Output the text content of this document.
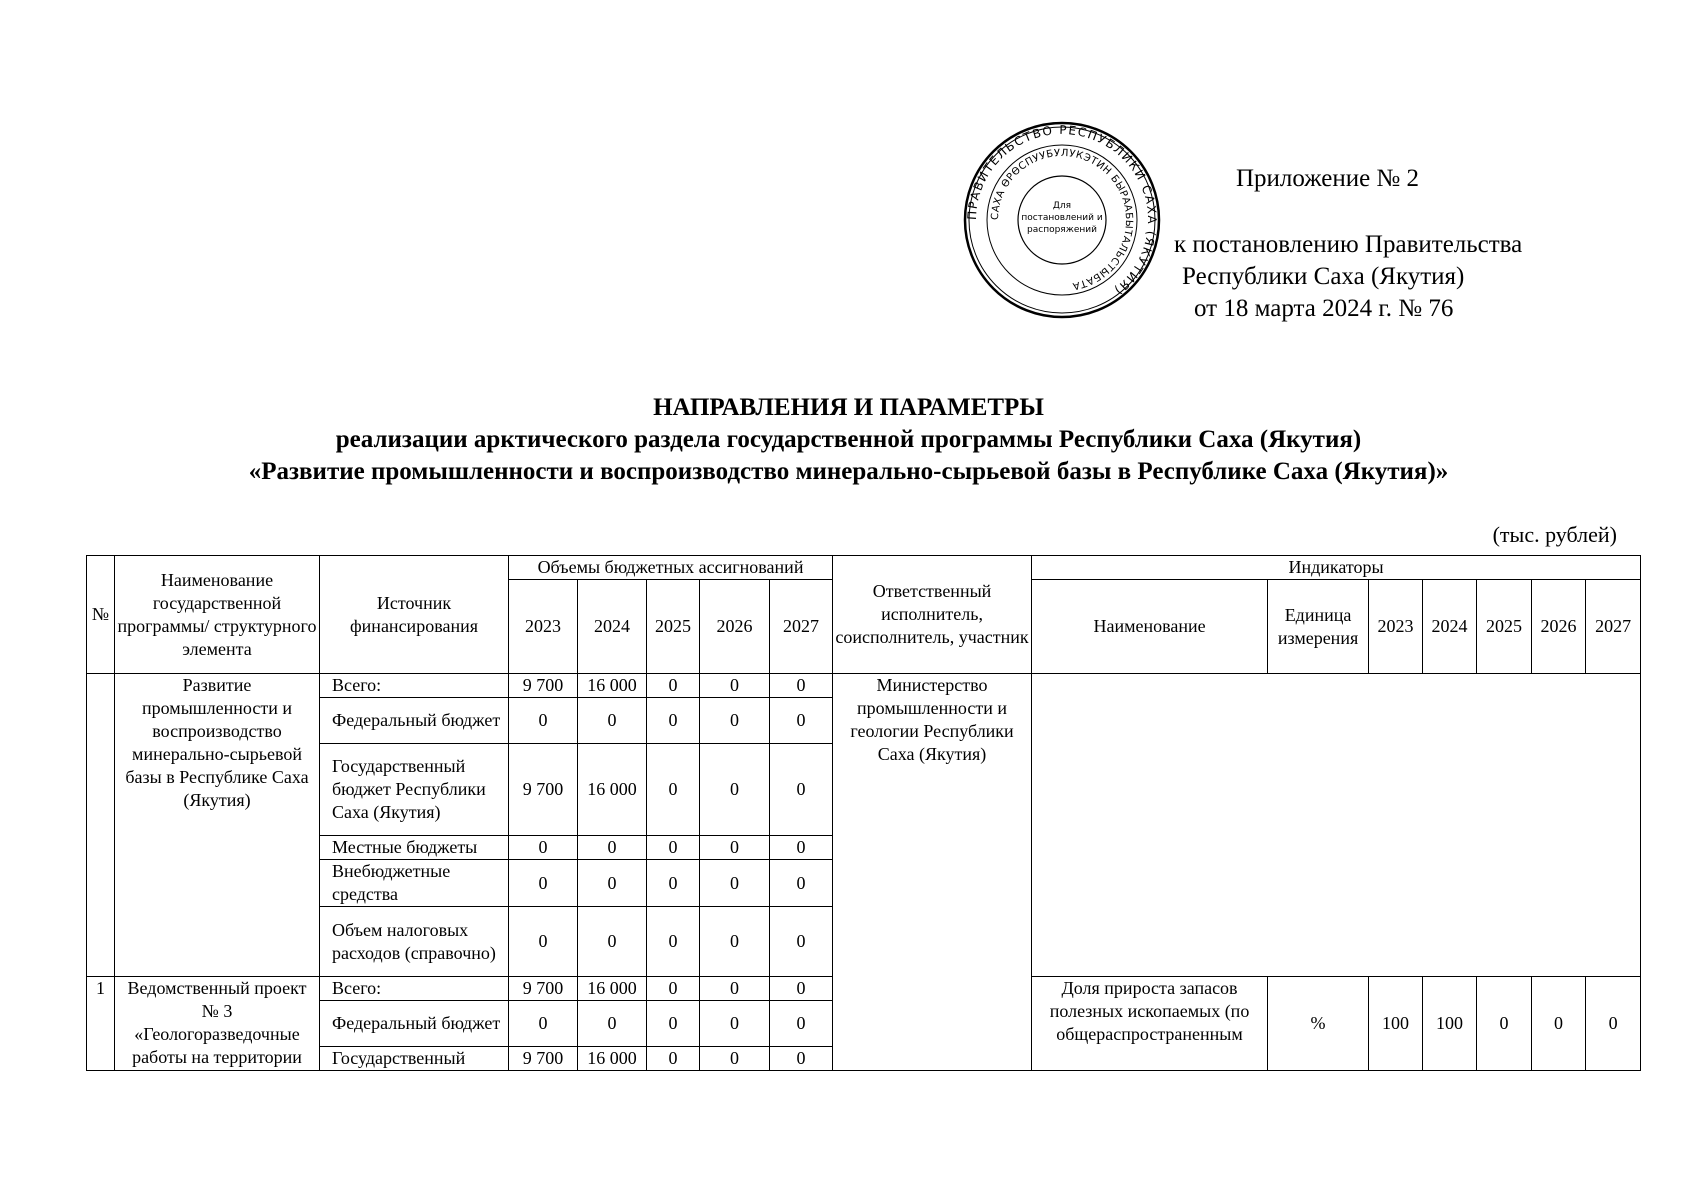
ПРАВИТЕЛЬСТВО РЕСПУБЛИКИ САХА (ЯКУТИЯ)
САХА ӨРӨСПУУБУЛУКЭТИН БЫРААБЫТАЛЬСТЫБАТА
Для
постановлений и
распоряжений
Приложение № 2
к постановлению Правительства
Республики Саха (Якутия)
от 18 марта 2024 г. № 76
НАПРАВЛЕНИЯ И ПАРАМЕТРЫ
реализации арктического раздела государственной программы Республики Саха (Якутия)
«Развитие промышленности и воспроизводство минерально-сырьевой базы в Республике Саха (Якутия)»
(тыс. рублей)
№	Наименование государственной программы/ структурного элемента	Источник финансирования	Объемы бюджетных ассигнований					Ответственный исполнитель, соисполнитель, участник	Индикаторы						
			2023	2024	2025	2026	2027		Наименование	Единица измерения	2023	2024	2025	2026	2027
	Развитие промышленности и воспроизводство минерально-сырьевой базы в Республике Саха (Якутия)	Всего:	9 700	16 000	0	0	0	Министерство промышленности и геологии Республики Саха (Якутия)							
		Федеральный бюджет	0	0	0	0	0								
		Государственный бюджет Республики Саха (Якутия)	9 700	16 000	0	0	0								
		Местные бюджеты	0	0	0	0	0								
		Внебюджетные средства	0	0	0	0	0								
		Объем налоговых расходов (справочно)	0	0	0	0	0								
1	Ведомственный проект № 3 «Геологоразведочные работы на территории	Всего:	9 700	16 000	0	0	0		Доля прироста запасов полезных ископаемых (по общераспространенным	%	100	100	0	0	0
		Федеральный бюджет	0	0	0	0	0								
		Государственный	9 700	16 000	0	0	0								
